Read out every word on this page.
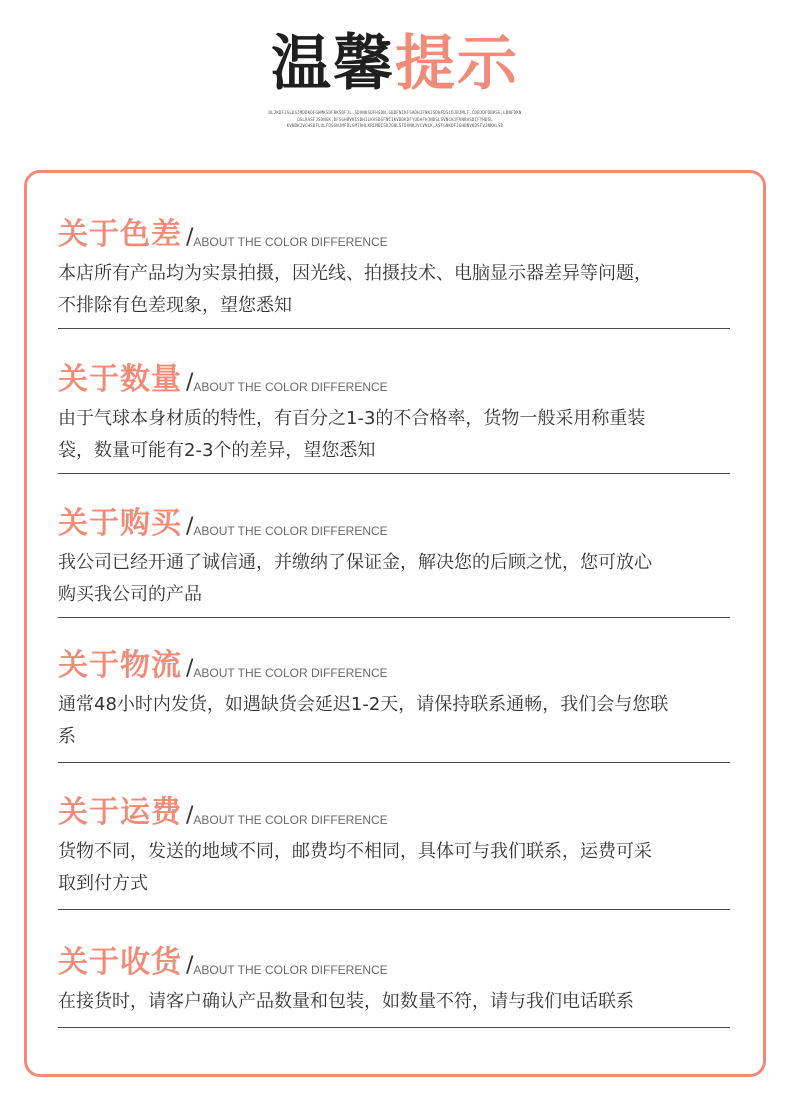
温馨提示
DLJKDFJSLDSJMDDKDFGHMKSDFBKSDFJL,SDVNKSDFHSDN,GBDFNIKFSADHJFNKJSDHFDSLDJBJMLF.CDBJDFDBPSE,LDNFDKN
OSLKASFJSDNGK,DFSGHBVKISDHJLKASDGFNCIKVBDKDFYUDAFHJNDSLSVNCKJFVNBASDIFYHDSL
KVNDKJVCHSDFLULFDSGNJMFDLGMTRHLKRLMDISDJGNLSFDVNKJVCVNLK,ASFGNKDFJGHBNVKDSFVJNKALSD
关于色差 /ABOUT THE COLOR DIFFERENCE
本店所有产品均为实景拍摄，因光线、拍摄技术、电脑显示器差异等问题，
不排除有色差现象，望您悉知
关于数量 /ABOUT THE COLOR DIFFERENCE
由于气球本身材质的特性，有百分之1-3的不合格率，货物一般采用称重装
袋，数量可能有2-3个的差异，望您悉知
关于购买 /ABOUT THE COLOR DIFFERENCE
我公司已经开通了诚信通，并缴纳了保证金，解决您的后顾之忧，您可放心
购买我公司的产品
关于物流 /ABOUT THE COLOR DIFFERENCE
通常48小时内发货，如遇缺货会延迟1-2天，请保持联系通畅，我们会与您联
系
关于运费 /ABOUT THE COLOR DIFFERENCE
货物不同，发送的地域不同，邮费均不相同，具体可与我们联系，运费可采
取到付方式
关于收货 /ABOUT THE COLOR DIFFERENCE
在接货时，请客户确认产品数量和包装，如数量不符，请与我们电话联系
